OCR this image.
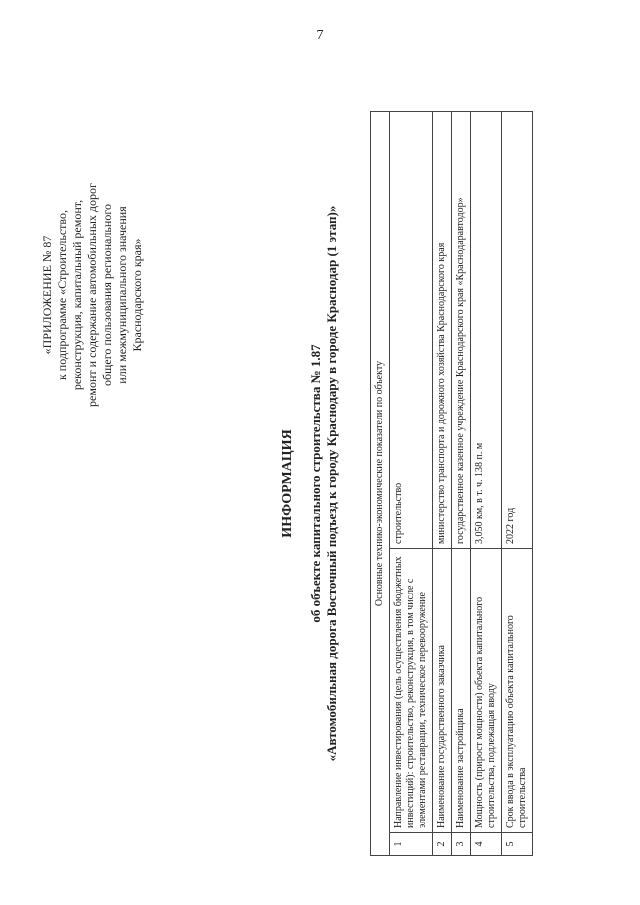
7
«ПРИЛОЖЕНИЕ № 87 к подпрограмме «Строительство, реконструкция, капитальный ремонт, ремонт и содержание автомобильных дорог общего пользования регионального или межмуниципального значения Краснодарского края»
ИНФОРМАЦИЯ об объекте капитального строительства № 1.87 «Автомобильная дорога Восточный подъезд к городу Краснодару в городе Краснодар (1 этап)»	Основные технико-экономические показатели по объекту		
1	Направление инвестирования (цель осуществления бюджетных инвестиций): строительство, реконструкция, в том числе с элементами реставрации, техническое перевооружение	строительство
2	Наименование государственного заказчика	министерство транспорта и дорожного хозяйства Краснодарского края
3	Наименование застройщика	государственное казенное учреждение Краснодарского края «Краснодаравтодор»
4	Мощность (прирост мощности) объекта капитального строительства, подлежащая вводу	3,050 км, в т. ч. 138 п. м
5	Срок ввода в эксплуатацию объекта капитального строительства	2022 год
